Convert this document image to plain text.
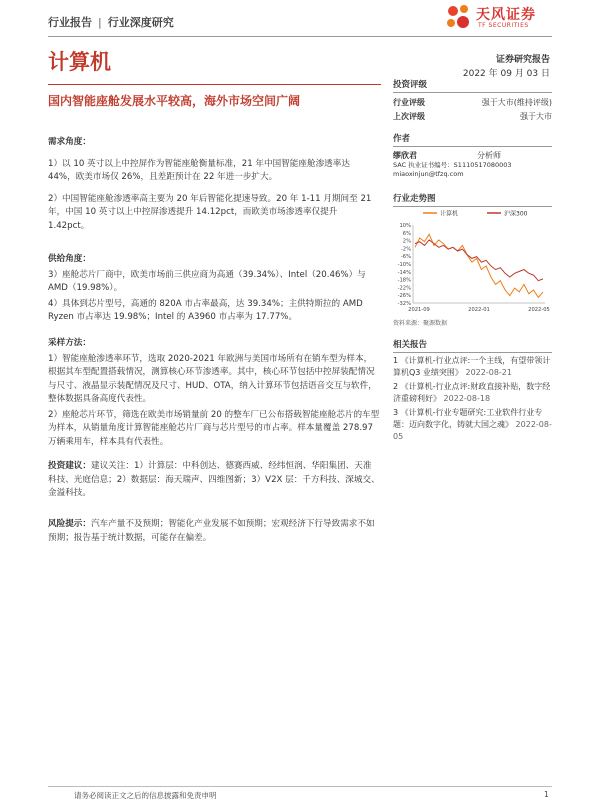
行业报告 | 行业深度研究	天风证券
TF SECURITIES
计算机	证券研究报告
2022 年 09 月 03 日
国内智能座舱发展水平较高，海外市场空间广阔
需求角度：
1）以 10 英寸以上中控屏作为智能座舱衡量标准，21 年中国智能座舱渗透率达 44%，欧美市场仅 26%，且差距预计在 22 年进一步扩大。
2）中国智能座舱渗透率高主要为 20 年后智能化提速导致。20 年 1-11 月期间至 21 年，中国 10 英寸以上中控屏渗透提升 14.12pct，而欧美市场渗透率仅提升 1.42pct。
供给角度：
3）座舱芯片厂商中，欧美市场前三供应商为高通（39.34%）、Intel（20.46%）与 AMD（19.98%）。
4）具体到芯片型号，高通的 820A 市占率最高，达 39.34%；主供特斯拉的 AMD Ryzen 市占率达 19.98%；Intel 的 A3960 市占率为 17.77%。
采样方法：
1）智能座舱渗透率环节，选取 2020-2021 年欧洲与美国市场所有在销车型为样本，根据其车型配置搭载情况，测算核心环节渗透率。其中，核心环节包括中控屏装配情况与尺寸、液晶显示装配情况及尺寸、HUD、OTA，纳入计算环节包括语音交互与软件，整体数据具备高度代表性。
2）座舱芯片环节，筛选在欧美市场销量前 20 的整车厂已公布搭载智能座舱芯片的车型为样本，从销量角度计算智能座舱芯片厂商与芯片型号的市占率。样本量覆盖 278.97 万辆乘用车，样本具有代表性。
投资建议：建议关注：1）计算层：中科创达、德赛西威、经纬恒润、华阳集团、天准科技、光庭信息；2）数据层：海天瑞声、四维图新；3）V2X 层：千方科技、深城交、金溢科技。
风险提示：汽车产量不及预期；智能化产业发展不如预期；宏观经济下行导致需求不如预期；报告基于统计数据，可能存在偏差。
投资评级
行业评级	强于大市(维持评级)
上次评级	强于大市
作者
缪欣君	分析师
SAC 执业证书编号：S1110517080003
miaoxinjun@tfzq.com
行业走势图
计算机	沪深300
10%
6%
2%
-2%
-6%
-10%
-14%
-18%
-22%
-26%
-32%
2021-09	2022-01	2022-05
资料来源：聚源数据
相关报告
1 《计算机-行业点评:一个主线，有望带领计算机Q3 业绩突围》 2022-08-21
2 《计算机-行业点评:财政直接补贴，数字经济重磅利好》 2022-08-18
3 《计算机-行业专题研究:工业软件行业专题：迈向数字化，铸就大国之魂》 2022-08-05
请务必阅读正文之后的信息披露和免责申明	1
